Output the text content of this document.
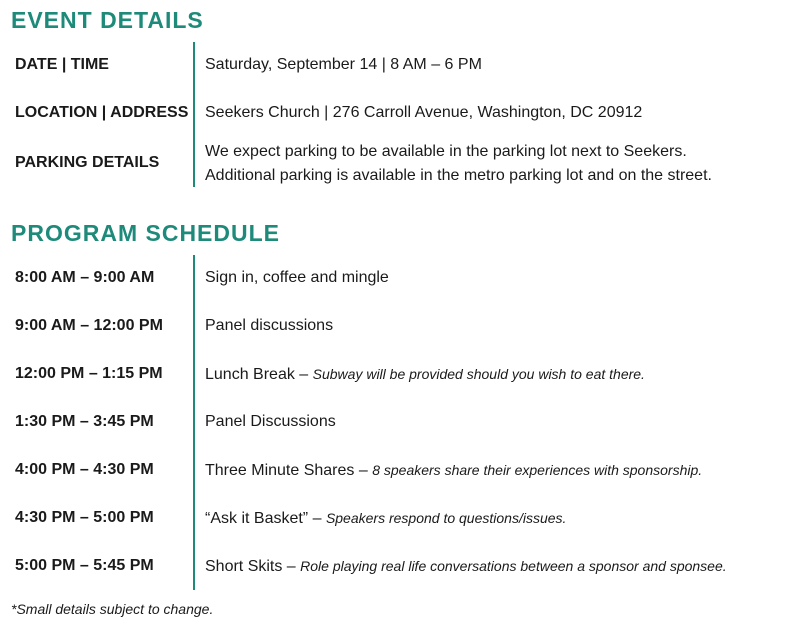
EVENT DETAILS
DATE | TIME	Saturday, September 14 | 8 AM – 6 PM
LOCATION | ADDRESS Seekers Church | 276 Carroll Avenue, Washington, DC 20912
PARKING DETAILS
We expect parking to be available in the parking lot next to Seekers.
Additional parking is available in the metro parking lot and on the street.
PROGRAM SCHEDULE
8:00 AM – 9:00 AM	Sign in, coffee and mingle
9:00 AM – 12:00 PM	Panel discussions
12:00 PM – 1:15 PM	Lunch Break – Subway will be provided should you wish to eat there.
1:30 PM – 3:45 PM	Panel Discussions
4:00 PM – 4:30 PM	Three Minute Shares – 8 speakers share their experiences with sponsorship.
4:30 PM – 5:00 PM	“Ask it Basket” – Speakers respond to questions/issues.
5:00 PM – 5:45 PM	Short Skits – Role playing real life conversations between a sponsor and sponsee.
*Small details subject to change.
